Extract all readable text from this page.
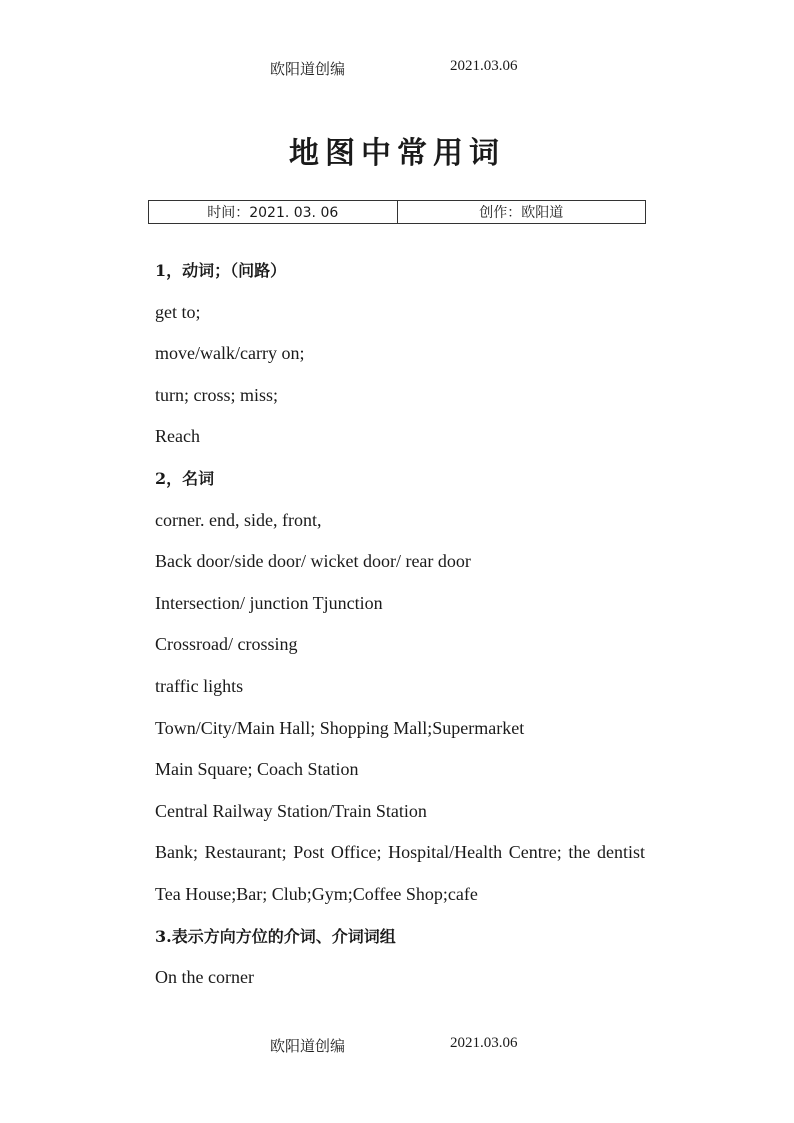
欧阳道创编	2021.03.06
地图中常用词
时间：2021. 03. 06	创作：欧阳道
1，动词；（问路）
get to;
move/walk/carry on;
turn; cross; miss;
Reach
2，名词
corner. end, side, front,
Back door/side door/ wicket door/ rear door
Intersection/ junction Tjunction
Crossroad/ crossing
traffic lights
Town/City/Main Hall; Shopping Mall;Supermarket
Main Square; Coach Station
Central Railway Station/Train Station
Bank; Restaurant; Post Office; Hospital/Health Centre; the dentist Tea House;Bar; Club;Gym;Coffee Shop;cafe
3.表示方向方位的介词、介词词组
On the corner
欧阳道创编	2021.03.06
